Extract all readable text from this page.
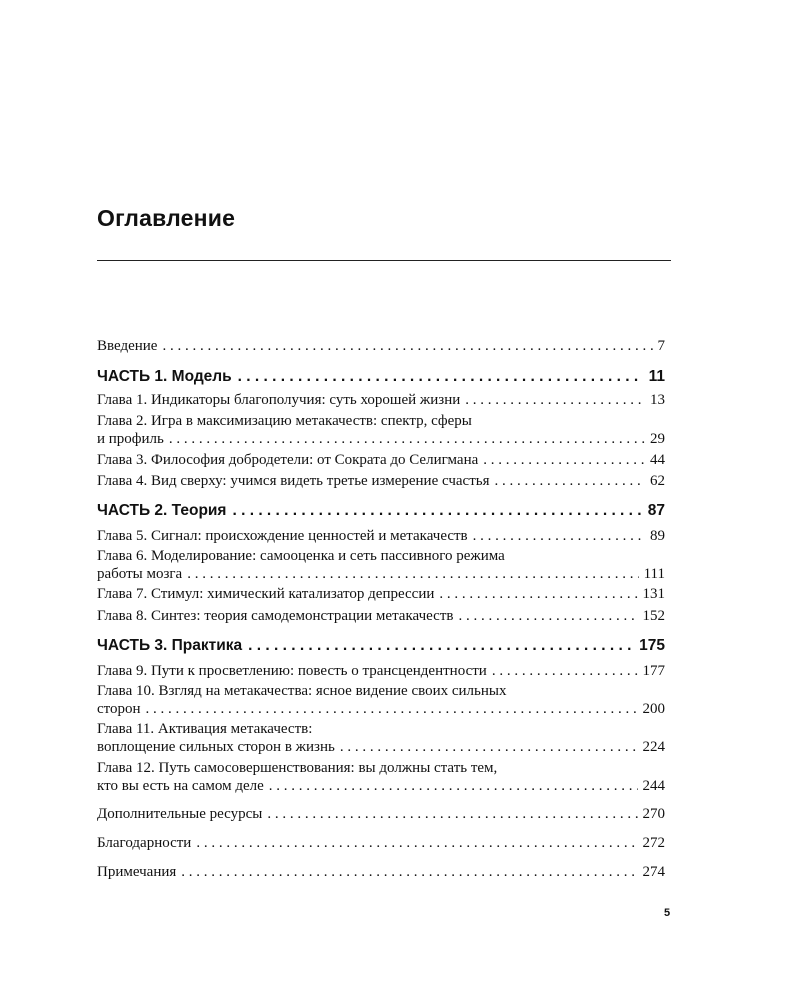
Оглавление
Введение . . .	7
ЧАСТЬ 1. Модель . . .	11
Глава 1. Индикаторы благополучия: суть хорошей жизни . . .	13
Глава 2. Игра в максимизацию метакачеств: спектр, сферы
и профиль . . .	29
Глава 3. Философия добродетели: от Сократа до Селигмана . . .	44
Глава 4. Вид сверху: учимся видеть третье измерение счастья . . .	62
ЧАСТЬ 2. Теория . . .	87
Глава 5. Сигнал: происхождение ценностей и метакачеств . . .	89
Глава 6. Моделирование: самооценка и сеть пассивного режима
работы мозга . . .	111
Глава 7. Стимул: химический катализатор депрессии . . .	131
Глава 8. Синтез: теория самодемонстрации метакачеств . . .	152
ЧАСТЬ 3. Практика . . .	175
Глава 9. Пути к просветлению: повесть о трансцендентности . . .	177
Глава 10. Взгляд на метакачества: ясное видение своих сильных
сторон . . .	200
Глава 11. Активация метакачеств:
воплощение сильных сторон в жизнь . . .	224
Глава 12. Путь самосовершенствования: вы должны стать тем,
кто вы есть на самом деле . . .	244
Дополнительные ресурсы . . .	270
Благодарности . . .	272
Примечания . . .	274
5
